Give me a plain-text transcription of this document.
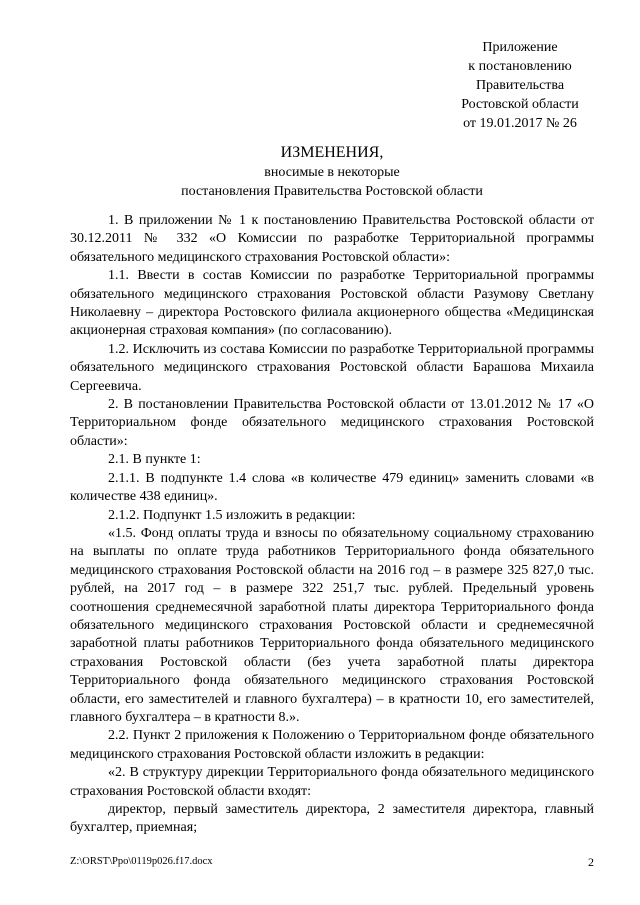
Приложение
к постановлению
Правительства
Ростовской области
от 19.01.2017 № 26
ИЗМЕНЕНИЯ,
вносимые в некоторые
постановления Правительства Ростовской области

1. В приложении № 1 к постановлению Правительства Ростовской области от 30.12.2011 № 332 «О Комиссии по разработке Территориальной программы обязательного медицинского страхования Ростовской области»:

1.1. Ввести в состав Комиссии по разработке Территориальной программы обязательного медицинского страхования Ростовской области Разумову Светлану Николаевну – директора Ростовского филиала акционерного общества «Медицинская акционерная страховая компания» (по согласованию).

1.2. Исключить из состава Комиссии по разработке Территориальной программы обязательного медицинского страхования Ростовской области Барашова Михаила Сергеевича.

2. В постановлении Правительства Ростовской области от 13.01.2012 № 17 «О Территориальном фонде обязательного медицинского страхования Ростовской области»:

2.1. В пункте 1:

2.1.1. В подпункте 1.4 слова «в количестве 479 единиц» заменить словами «в количестве 438 единиц».

2.1.2. Подпункт 1.5 изложить в редакции:

«1.5. Фонд оплаты труда и взносы по обязательному социальному страхованию на выплаты по оплате труда работников Территориального фонда обязательного медицинского страхования Ростовской области на 2016 год – в размере 325 827,0 тыс. рублей, на 2017 год – в размере 322 251,7 тыс. рублей. Предельный уровень соотношения среднемесячной заработной платы директора Территориального фонда обязательного медицинского страхования Ростовской области и среднемесячной заработной платы работников Территориального фонда обязательного медицинского страхования Ростовской области (без учета заработной платы директора Территориального фонда обязательного медицинского страхования Ростовской области, его заместителей и главного бухгалтера) – в кратности 10, его заместителей, главного бухгалтера – в кратности 8.».

2.2. Пункт 2 приложения к Положению о Территориальном фонде обязательного медицинского страхования Ростовской области изложить в редакции:

«2. В структуру дирекции Территориального фонда обязательного медицинского страхования Ростовской области входят:

директор, первый заместитель директора, 2 заместителя директора, главный бухгалтер, приемная;

Z:\ORST\Ppo\0119p026.f17.docx	2
